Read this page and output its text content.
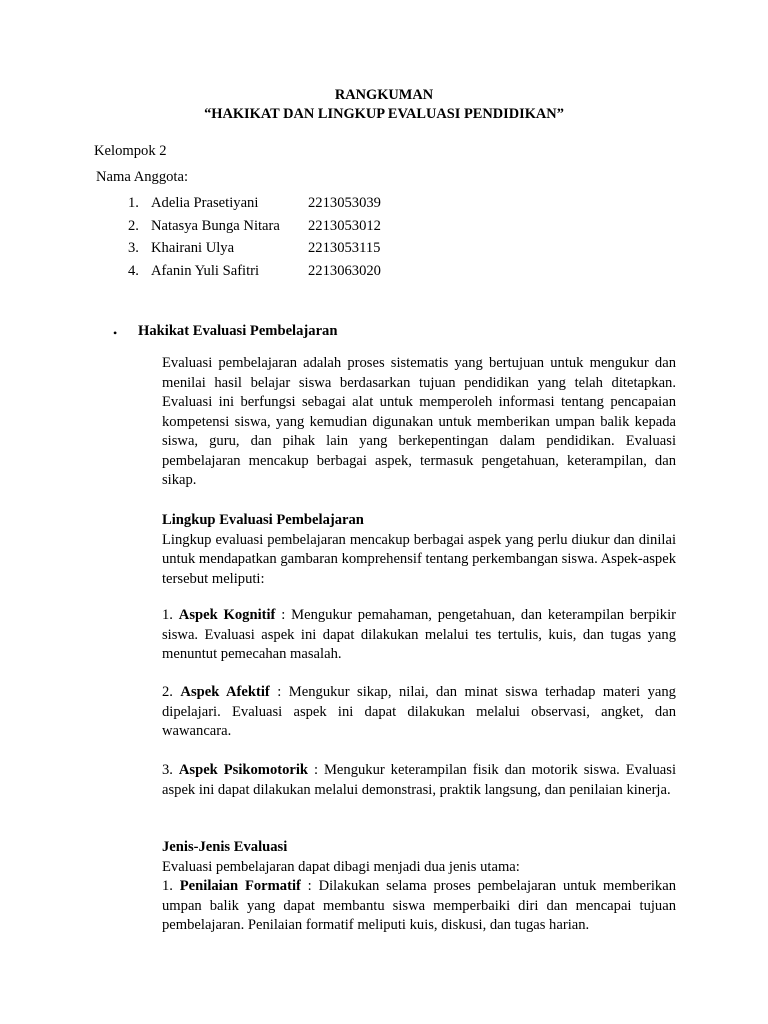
RANGKUMAN
“HAKIKAT DAN LINGKUP EVALUASI PENDIDIKAN”
Kelompok 2
Nama Anggota:
1. Adelia Prasetiyani	2213053039
2. Natasya Bunga Nitara 2213053012
3. Khairani Ulya	2213053115
4. Afanin Yuli Safitri	2213063020
• Hakikat Evaluasi Pembelajaran

Evaluasi pembelajaran adalah proses sistematis yang bertujuan untuk mengukur dan menilai hasil belajar siswa berdasarkan tujuan pendidikan yang telah ditetapkan. Evaluasi ini berfungsi sebagai alat untuk memperoleh informasi tentang pencapaian kompetensi siswa, yang kemudian digunakan untuk memberikan umpan balik kepada siswa, guru, dan pihak lain yang berkepentingan dalam pendidikan. Evaluasi pembelajaran mencakup berbagai aspek, termasuk pengetahuan, keterampilan, dan sikap.

Lingkup Evaluasi Pembelajaran

Lingkup evaluasi pembelajaran mencakup berbagai aspek yang perlu diukur dan dinilai untuk mendapatkan gambaran komprehensif tentang perkembangan siswa. Aspek-aspek tersebut meliputi:

1. Aspek Kognitif : Mengukur pemahaman, pengetahuan, dan keterampilan berpikir siswa. Evaluasi aspek ini dapat dilakukan melalui tes tertulis, kuis, dan tugas yang menuntut pemecahan masalah.

2. Aspek Afektif : Mengukur sikap, nilai, dan minat siswa terhadap materi yang dipelajari. Evaluasi aspek ini dapat dilakukan melalui observasi, angket, dan wawancara.

3. Aspek Psikomotorik : Mengukur keterampilan fisik dan motorik siswa. Evaluasi aspek ini dapat dilakukan melalui demonstrasi, praktik langsung, dan penilaian kinerja.

Jenis-Jenis Evaluasi

Evaluasi pembelajaran dapat dibagi menjadi dua jenis utama:

1. Penilaian Formatif : Dilakukan selama proses pembelajaran untuk memberikan umpan balik yang dapat membantu siswa memperbaiki diri dan mencapai tujuan pembelajaran. Penilaian formatif meliputi kuis, diskusi, dan tugas harian.
